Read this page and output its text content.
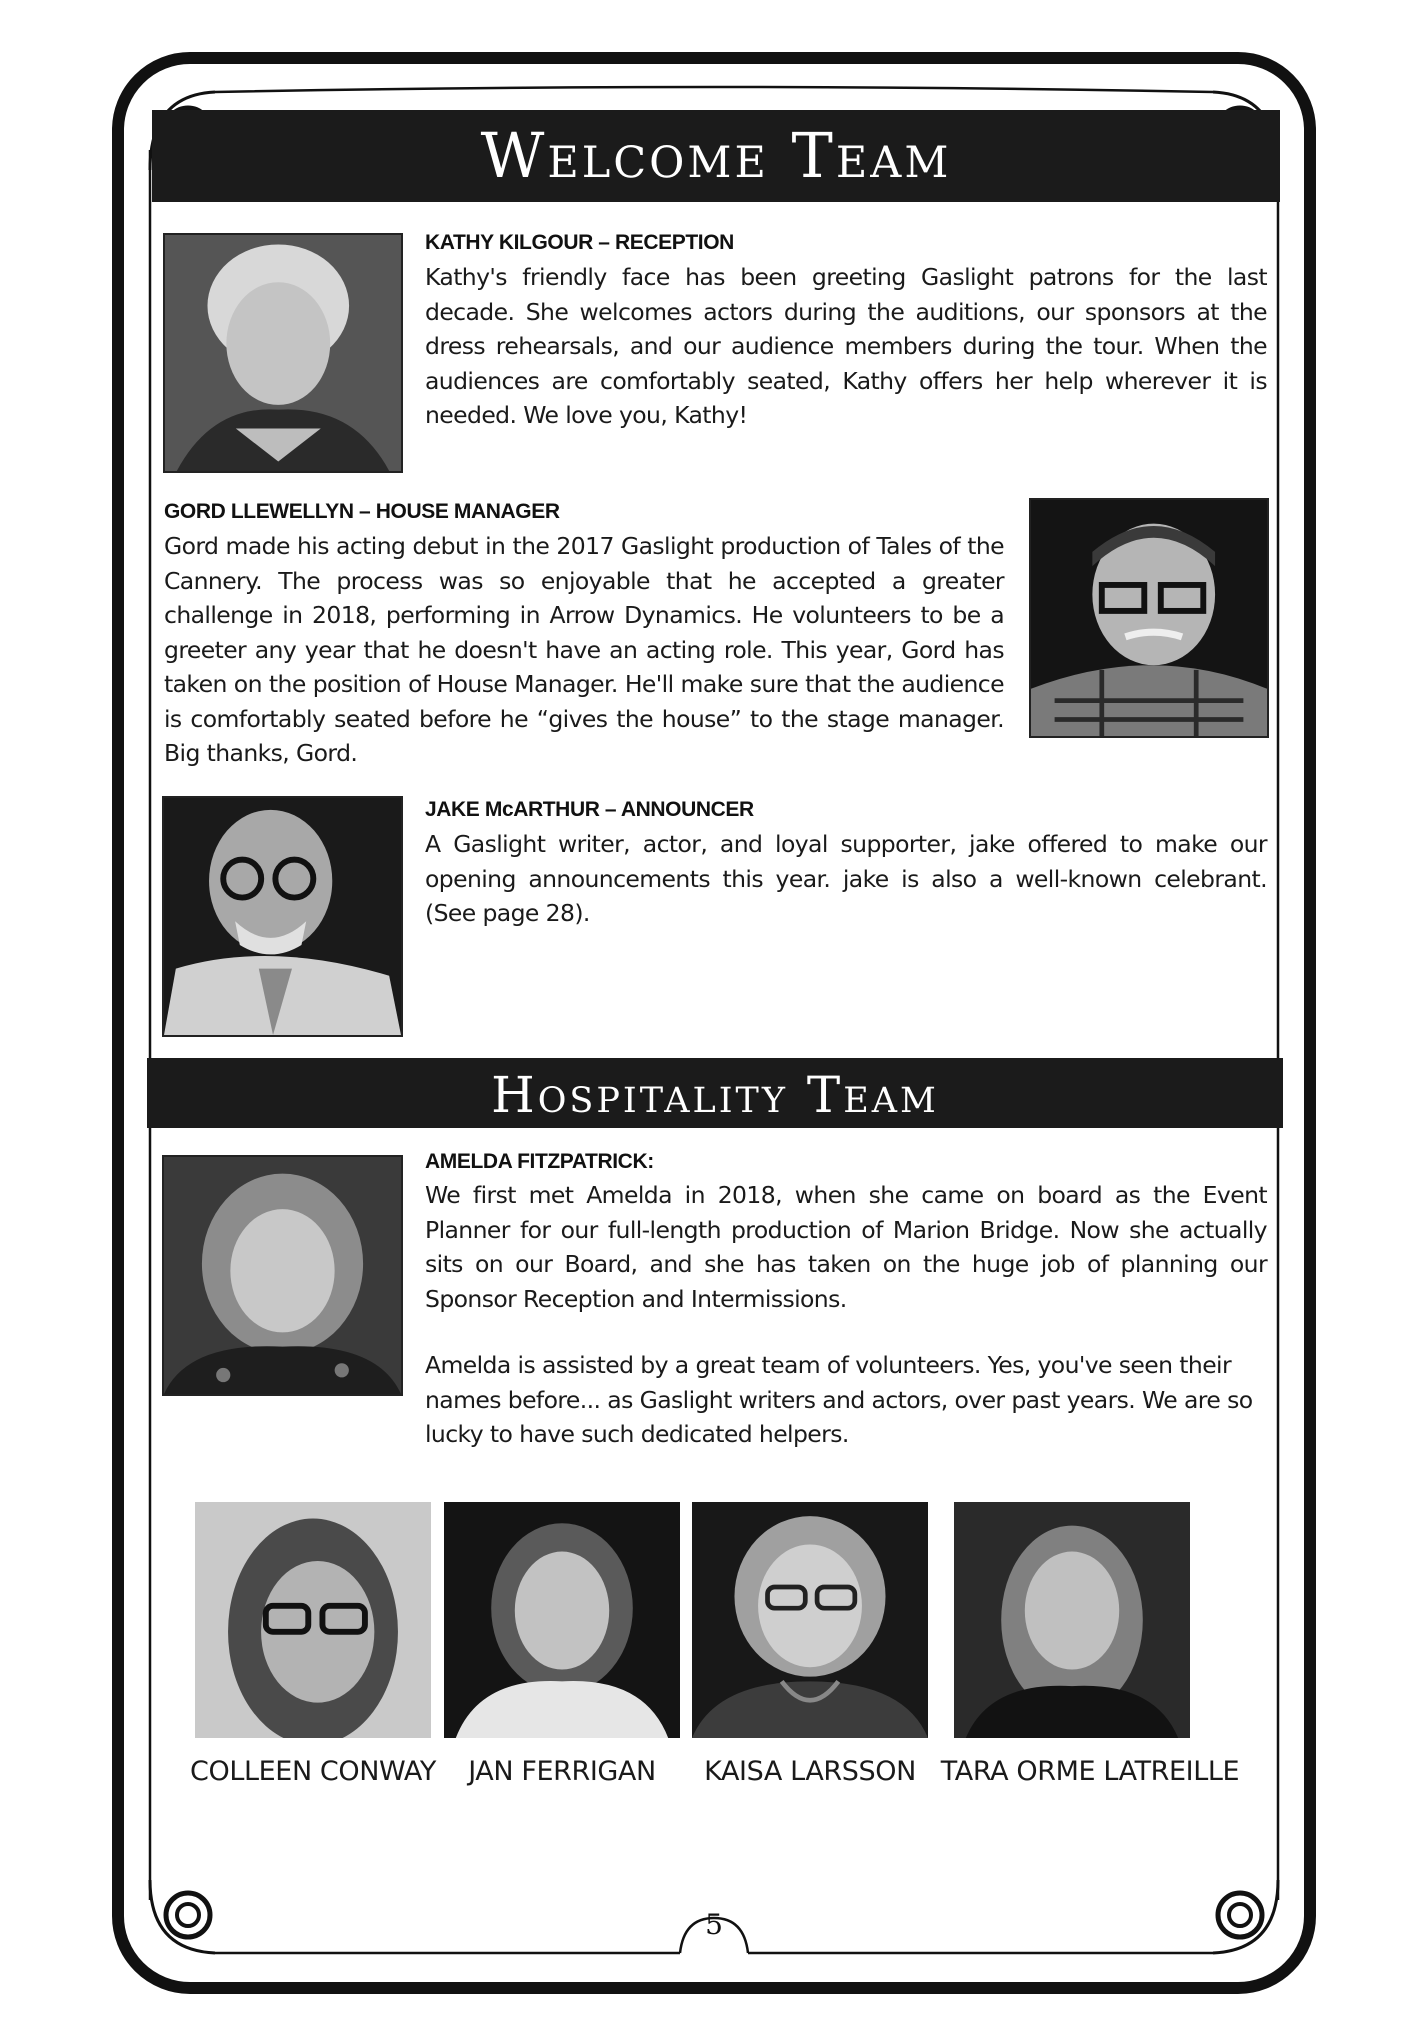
Welcome Team
KATHY KILGOUR – RECEPTION

Kathy's friendly face has been greeting Gaslight patrons for the last decade. She welcomes actors during the auditions, our sponsors at the dress rehearsals, and our audience members during the tour. When the audiences are comfortably seated, Kathy offers her help wherever it is needed. We love you, Kathy!

GORD LLEWELLYN – HOUSE MANAGER

Gord made his acting debut in the 2017 Gaslight production of Tales of the Cannery. The process was so enjoyable that he accepted a greater challenge in 2018, performing in Arrow Dynamics. He volunteers to be a greeter any year that he doesn't have an acting role. This year, Gord has taken on the position of House Manager. He'll make sure that the audience is comfortably seated before he “gives the house” to the stage manager. Big thanks, Gord.

JAKE McARTHUR – ANNOUNCER

A Gaslight writer, actor, and loyal supporter, jake offered to make our opening announcements this year. jake is also a well-known celebrant. (See page 28).

Hospitality Team
AMELDA FITZPATRICK:

We first met Amelda in 2018, when she came on board as the Event Planner for our full-length production of Marion Bridge. Now she actually sits on our Board, and she has taken on the huge job of planning our Sponsor Reception and Intermissions.

Amelda is assisted by a great team of volunteers. Yes, you've seen their names before... as Gaslight writers and actors, over past years. We are so lucky to have such dedicated helpers.

COLLEEN CONWAY	JAN FERRIGAN	KAISA LARSSON TARA ORME LATREILLE
5
